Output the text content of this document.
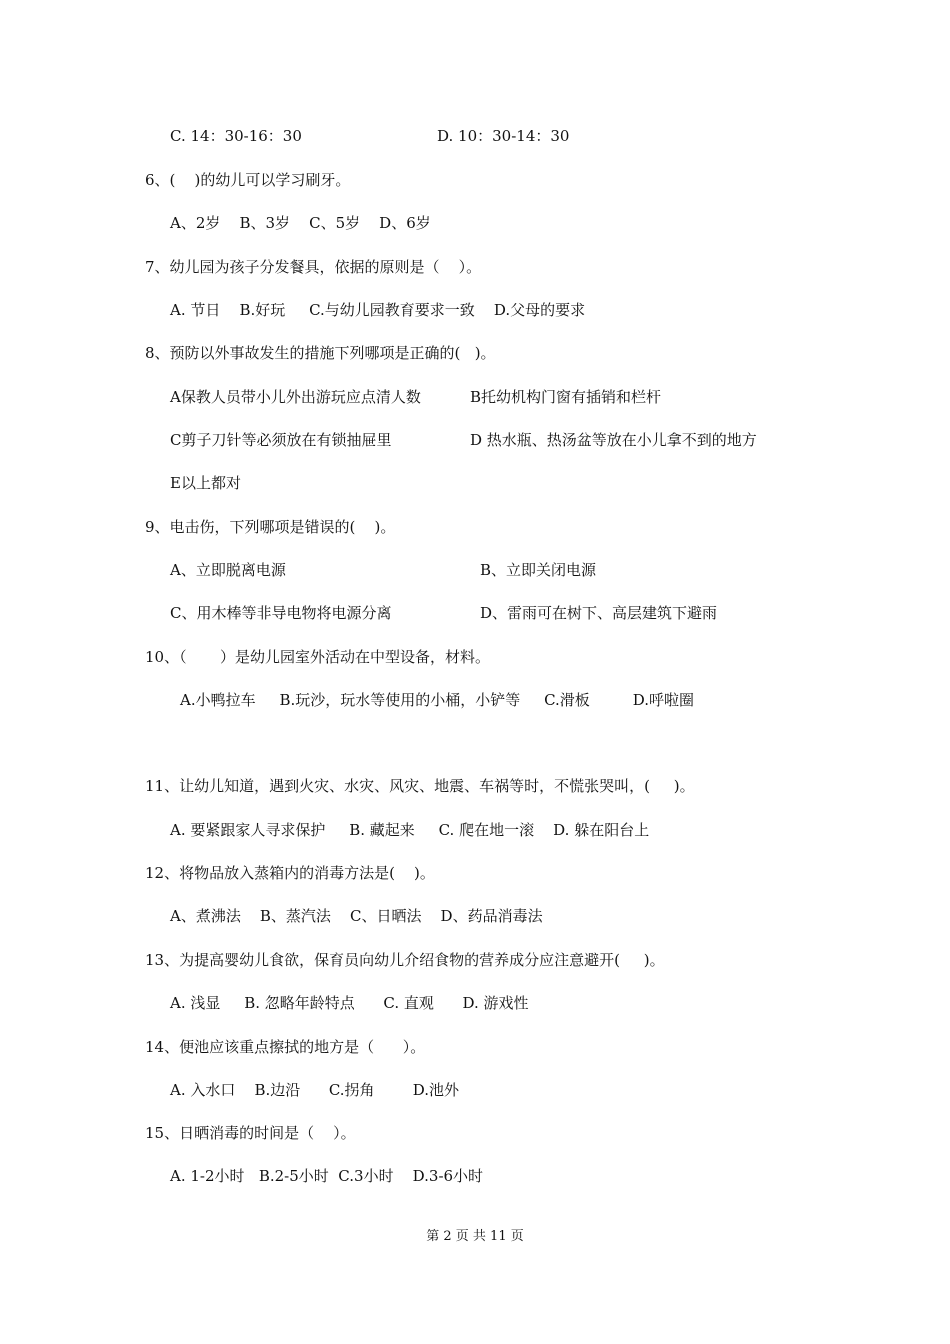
C. 14：30-16：30	D. 10：30-14：30
6、(    )的幼儿可以学习刷牙。
A、2岁    B、3岁    C、5岁    D、6岁
7、幼儿园为孩子分发餐具，依据的原则是（    ）。
A. 节日    B.好玩     C.与幼儿园教育要求一致    D.父母的要求
8、预防以外事故发生的措施下列哪项是正确的(   )。
A保教人员带小儿外出游玩应点清人数	B托幼机构门窗有插销和栏杆
C剪子刀针等必须放在有锁抽屉里	D 热水瓶、热汤盆等放在小儿拿不到的地方
E以上都对
9、电击伤，下列哪项是错误的(    )。
A、立即脱离电源	B、立即关闭电源
C、用木棒等非导电物将电源分离	D、雷雨可在树下、高层建筑下避雨
10、（       ）是幼儿园室外活动在中型设备，材料。
A.小鸭拉车     B.玩沙，玩水等使用的小桶，小铲等     C.滑板         D.呼啦圈
11、让幼儿知道，遇到火灾、水灾、风灾、地震、车祸等时，不慌张哭叫，(     )。
A. 要紧跟家人寻求保护     B. 藏起来     C. 爬在地一滚    D. 躲在阳台上
12、将物品放入蒸箱内的消毒方法是(    )。
A、煮沸法    B、蒸汽法    C、日晒法    D、药品消毒法
13、为提高婴幼儿食欲，保育员向幼儿介绍食物的营养成分应注意避开(     )。
A. 浅显     B. 忽略年龄特点      C. 直观      D. 游戏性
14、便池应该重点擦拭的地方是（      ）。
A. 入水口    B.边沿      C.拐角        D.池外
15、日晒消毒的时间是（    ）。
A. 1-2小时   B.2-5小时  C.3小时    D.3-6小时
第 2 页 共 11 页
